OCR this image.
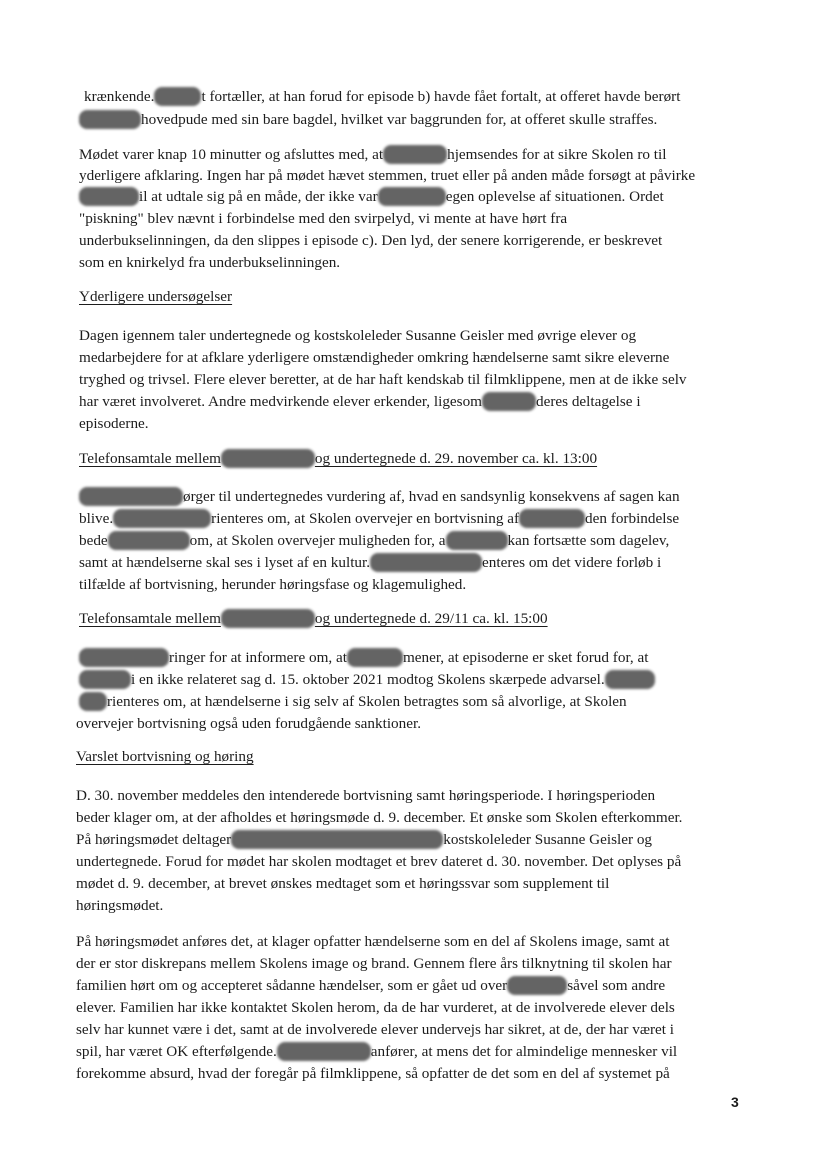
krænkende.	t fortæller, at han forud for episode b) havde fået fortalt, at offeret havde berørt
hovedpude med sin bare bagdel, hvilket var baggrunden for, at offeret skulle straffes.
Mødet varer knap 10 minutter og afsluttes med, at	hjemsendes for at sikre Skolen ro til
yderligere afklaring. Ingen har på mødet hævet stemmen, truet eller på anden måde forsøgt at påvirke
il at udtale sig på en måde, der ikke var	egen oplevelse af situationen. Ordet
"piskning" blev nævnt i forbindelse med den svirpelyd, vi mente at have hørt fra
underbukselinningen, da den slippes i episode c). Den lyd, der senere korrigerende, er beskrevet
som en knirkelyd fra underbukselinningen.
Yderligere undersøgelser
Dagen igennem taler undertegnede og kostskoleleder Susanne Geisler med øvrige elever og
medarbejdere for at afklare yderligere omstændigheder omkring hændelserne samt sikre eleverne
tryghed og trivsel. Flere elever beretter, at de har haft kendskab til filmklippene, men at de ikke selv
har været involveret. Andre medvirkende elever erkender, ligesom	deres deltagelse i
episoderne.
Telefonsamtale mellem	og undertegnede d. 29. november ca. kl. 13:00
ørger til undertegnedes vurdering af, hvad en sandsynlig konsekvens af sagen kan
blive.	rienteres om, at Skolen overvejer en bortvisning af	den forbindelse
bede	om, at Skolen overvejer muligheden for, a	kan fortsætte som dagelev,
samt at hændelserne skal ses i lyset af en kultur.	enteres om det videre forløb i
tilfælde af bortvisning, herunder høringsfase og klagemulighed.
Telefonsamtale mellem	og undertegnede d. 29/11 ca. kl. 15:00
ringer for at informere om, at	mener, at episoderne er sket forud for, at
i en ikke relateret sag d. 15. oktober 2021 modtog Skolens skærpede advarsel.
rienteres om, at hændelserne i sig selv af Skolen betragtes som så alvorlige, at Skolen
overvejer bortvisning også uden forudgående sanktioner.
Varslet bortvisning og høring
D. 30. november meddeles den intenderede bortvisning samt høringsperiode. I høringsperioden
beder klager om, at der afholdes et høringsmøde d. 9. december. Et ønske som Skolen efterkommer.
På høringsmødet deltager	kostskoleleder Susanne Geisler og
undertegnede. Forud for mødet har skolen modtaget et brev dateret d. 30. november. Det oplyses på
mødet d. 9. december, at brevet ønskes medtaget som et høringssvar som supplement til
høringsmødet.
På høringsmødet anføres det, at klager opfatter hændelserne som en del af Skolens image, samt at
der er stor diskrepans mellem Skolens image og brand. Gennem flere års tilknytning til skolen har
familien hørt om og accepteret sådanne hændelser, som er gået ud over	såvel som andre
elever. Familien har ikke kontaktet Skolen herom, da de har vurderet, at de involverede elever dels
selv har kunnet være i det, samt at de involverede elever undervejs har sikret, at de, der har været i
spil, har været OK efterfølgende.	anfører, at mens det for almindelige mennesker vil
forekomme absurd, hvad der foregår på filmklippene, så opfatter de det som en del af systemet på
3
